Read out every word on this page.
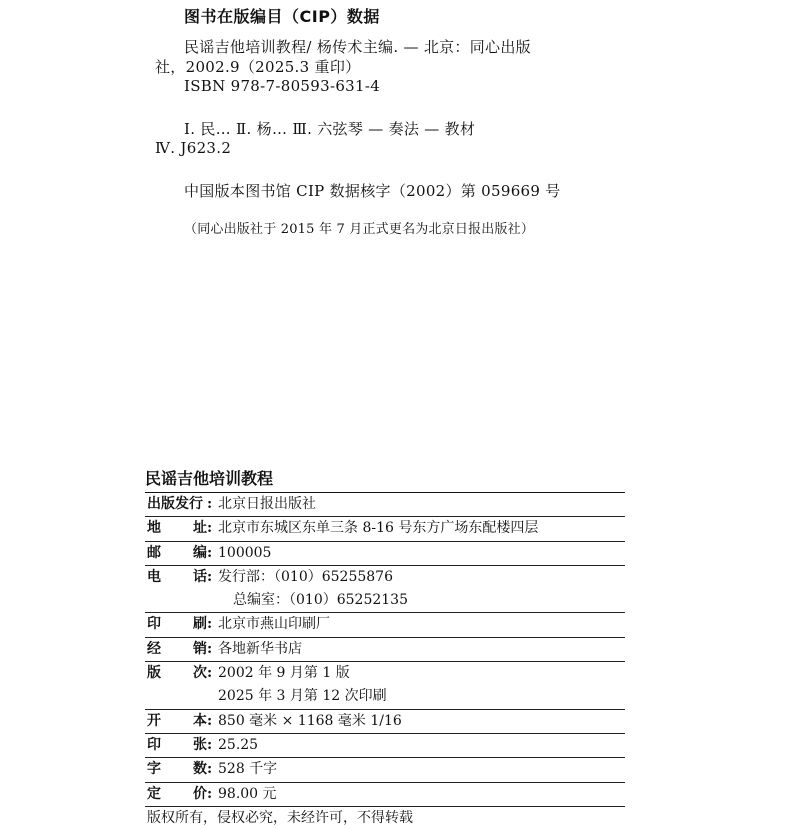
图书在版编目（CIP）数据
民谣吉他培训教程/ 杨传术主编. — 北京：同心出版
社，2002.9（2025.3 重印）
ISBN 978-7-80593-631-4
Ⅰ. 民… Ⅱ. 杨… Ⅲ. 六弦琴 — 奏法 — 教材
Ⅳ. J623.2
中国版本图书馆 CIP 数据核字（2002）第 059669 号
（同心出版社于 2015 年 7 月正式更名为北京日报出版社）
民谣吉他培训教程
出版发行 : 北京日报出版社
地 址 : 北京市东城区东单三条 8-16 号东方广场东配楼四层
邮 编 : 100005
电 话 : 发行部：（010）65255876
总编室：（010）65252135
印 刷 : 北京市燕山印刷厂
经 销 : 各地新华书店
版 次 : 2002 年 9 月第 1 版
2025 年 3 月第 12 次印刷
开 本 : 850 毫米 × 1168 毫米 1/16
印 张 : 25.25
字 数 : 528 千字
定 价 : 98.00 元
版权所有，侵权必究，未经许可，不得转载
